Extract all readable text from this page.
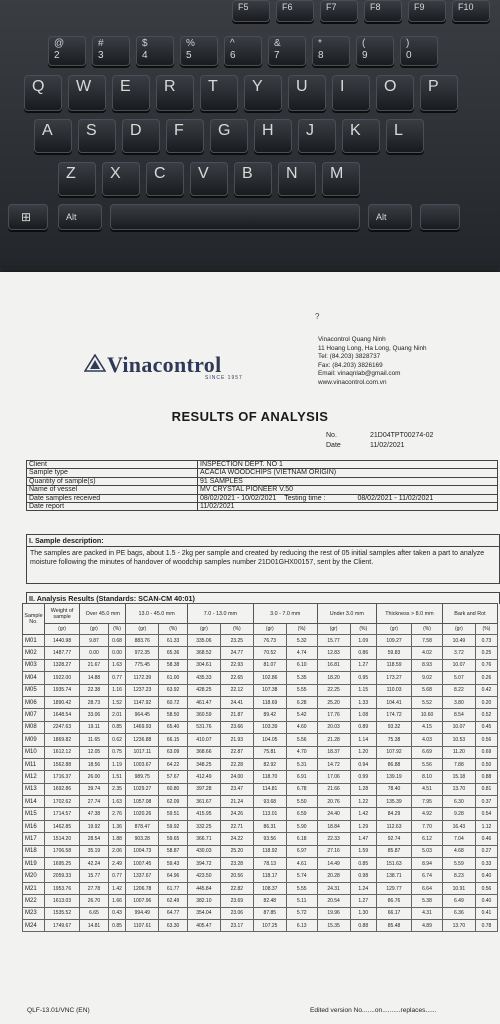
F5	F6	F7	F8	F9	F10
@
2
#
3
$
4
%
5
^
6
&
7
*
8
(
9
)
0
Q W E R T Y U I O P
A S D F G H J K L
Z X C V B N M
⊞	Alt	Alt
?
Vinacontrol
SINCE 1957
Vinacontrol Quang Ninh
11 Hoang Long, Ha Long, Quang Ninh
Tel: (84.203) 3828737
Fax: (84.203) 3826169
Email: vinaqnlab@gmail.com
www.vinacontrol.com.vn
RESULTS OF ANALYSIS
No.	21D04TPT00274-02
Date	11/02/2021
Client	INSPECTION DEPT. NO 1
Sample type	ACACIA WOODCHIPS (VIETNAM ORIGIN)
Quantity of sample(s)	91 SAMPLES
Name of vessel	MV CRYSTAL PIONEER V.50
Date samples received	08/02/2021 - 10/02/2021 Testing time : 08/02/2021 - 11/02/2021
Date report	11/02/2021
I. Sample description:
The samples are packed in PE bags, about 1.5 - 2kg per sample and created by reducing the rest of 05 initial samples after taken a part to analyze moisture following the minutes of handover of woodchip samples number 21D01GHX00157, sent by the Client.
II. Analysis Results (Standards: SCAN-CM 40:01)
Sample No.	Weight of sample	Over 45.0 mm		13.0 - 45.0 mm		7.0 - 13.0 mm		3.0 - 7.0 mm		Under 3.0 mm		Thickness > 8.0 mm		Bark and Rot	
	(gr)	(gr)	(%)	(gr)	(%)	(gr)	(%)	(gr)	(%)	(gr)	(%)	(gr)	(%)	(gr)	(%)
M01	1440.98	9.87	0.68	883.76	61.33	335.06	23.25	76.73	5.32	15.77	1.09	109.27	7.58	10.49	0.73
M02	1487.77	0.00	0.00	972.35	65.36	368.52	24.77	70.52	4.74	12.83	0.86	59.83	4.02	3.72	0.25
M03	1328.27	21.67	1.63	775.45	58.38	304.61	22.93	81.07	6.10	16.81	1.27	118.59	8.93	10.07	0.76
M04	1922.00	14.88	0.77	1172.39	61.00	435.33	22.65	102.86	5.35	18.20	0.95	173.27	9.02	5.07	0.26
M05	1935.74	22.38	1.16	1237.23	63.92	428.25	22.12	107.38	5.55	22.25	1.15	110.03	5.68	8.22	0.42
M06	1890.42	28.73	1.52	1147.92	60.72	461.47	24.41	118.69	6.28	25.20	1.33	104.41	5.52	3.80	0.20
M07	1648.54	33.06	2.01	964.45	58.50	360.59	21.87	89.42	5.42	17.76	1.08	174.72	10.60	8.54	0.52
M08	2247.63	19.11	0.85	1469.93	65.40	531.76	23.66	103.39	4.60	20.03	0.89	93.32	4.15	10.07	0.45
M09	1869.82	11.65	0.62	1236.88	66.15	410.07	21.93	104.05	5.56	21.28	1.14	75.38	4.03	10.53	0.56
M10	1612.12	12.05	0.75	1017.11	63.09	368.66	22.87	75.81	4.70	18.37	1.20	107.92	6.69	11.20	0.69
M11	1562.88	18.56	1.19	1003.67	64.22	348.25	22.28	82.92	5.31	14.72	0.94	86.88	5.56	7.88	0.50
M12	1716.37	26.00	1.51	989.75	57.67	412.49	24.00	118.70	6.91	17.06	0.99	139.19	8.10	15.18	0.88
M13	1692.86	39.74	2.35	1029.27	60.80	397.28	23.47	114.81	6.78	21.66	1.28	78.40	4.51	13.70	0.81
M14	1702.62	27.74	1.63	1057.08	62.09	361.67	21.24	93.68	5.50	20.76	1.22	135.39	7.95	6.30	0.37
M15	1714.57	47.38	2.76	1020.26	59.51	415.95	24.26	113.01	6.59	24.40	1.42	84.29	4.92	9.28	0.54
M16	1462.85	19.92	1.36	878.47	59.92	332.25	22.71	86.31	5.90	18.84	1.29	112.63	7.70	16.43	1.12
M17	1514.20	28.54	1.88	903.28	59.65	366.71	24.22	93.56	6.18	22.33	1.47	92.74	6.12	7.04	0.46
M18	1706.58	35.19	2.06	1004.73	58.87	430.03	25.20	118.92	6.97	27.16	1.59	85.87	5.03	4.68	0.27
M19	1695.25	42.24	2.49	1007.45	59.43	394.72	23.28	78.13	4.61	14.49	0.85	151.63	8.94	5.59	0.33
M20	2059.33	15.77	0.77	1337.67	64.96	423.50	20.56	118.17	5.74	20.28	0.98	138.71	6.74	8.23	0.40
M21	1953.76	27.78	1.42	1206.78	61.77	445.84	22.82	108.37	5.55	24.31	1.24	129.77	6.64	10.91	0.56
M22	1613.03	26.70	1.66	1007.96	62.49	382.10	23.69	82.48	5.11	20.54	1.27	86.76	5.38	6.49	0.40
M23	1535.52	6.65	0.43	994.49	64.77	354.04	23.06	87.85	5.72	19.96	1.30	66.17	4.31	6.36	0.41
M24	1749.67	14.81	0.85	1107.61	63.30	405.47	23.17	107.25	6.13	15.35	0.88	85.48	4.89	13.70	0.78
QLF-13.01/VNC (EN)	Edited version No.......on..........replaces......
